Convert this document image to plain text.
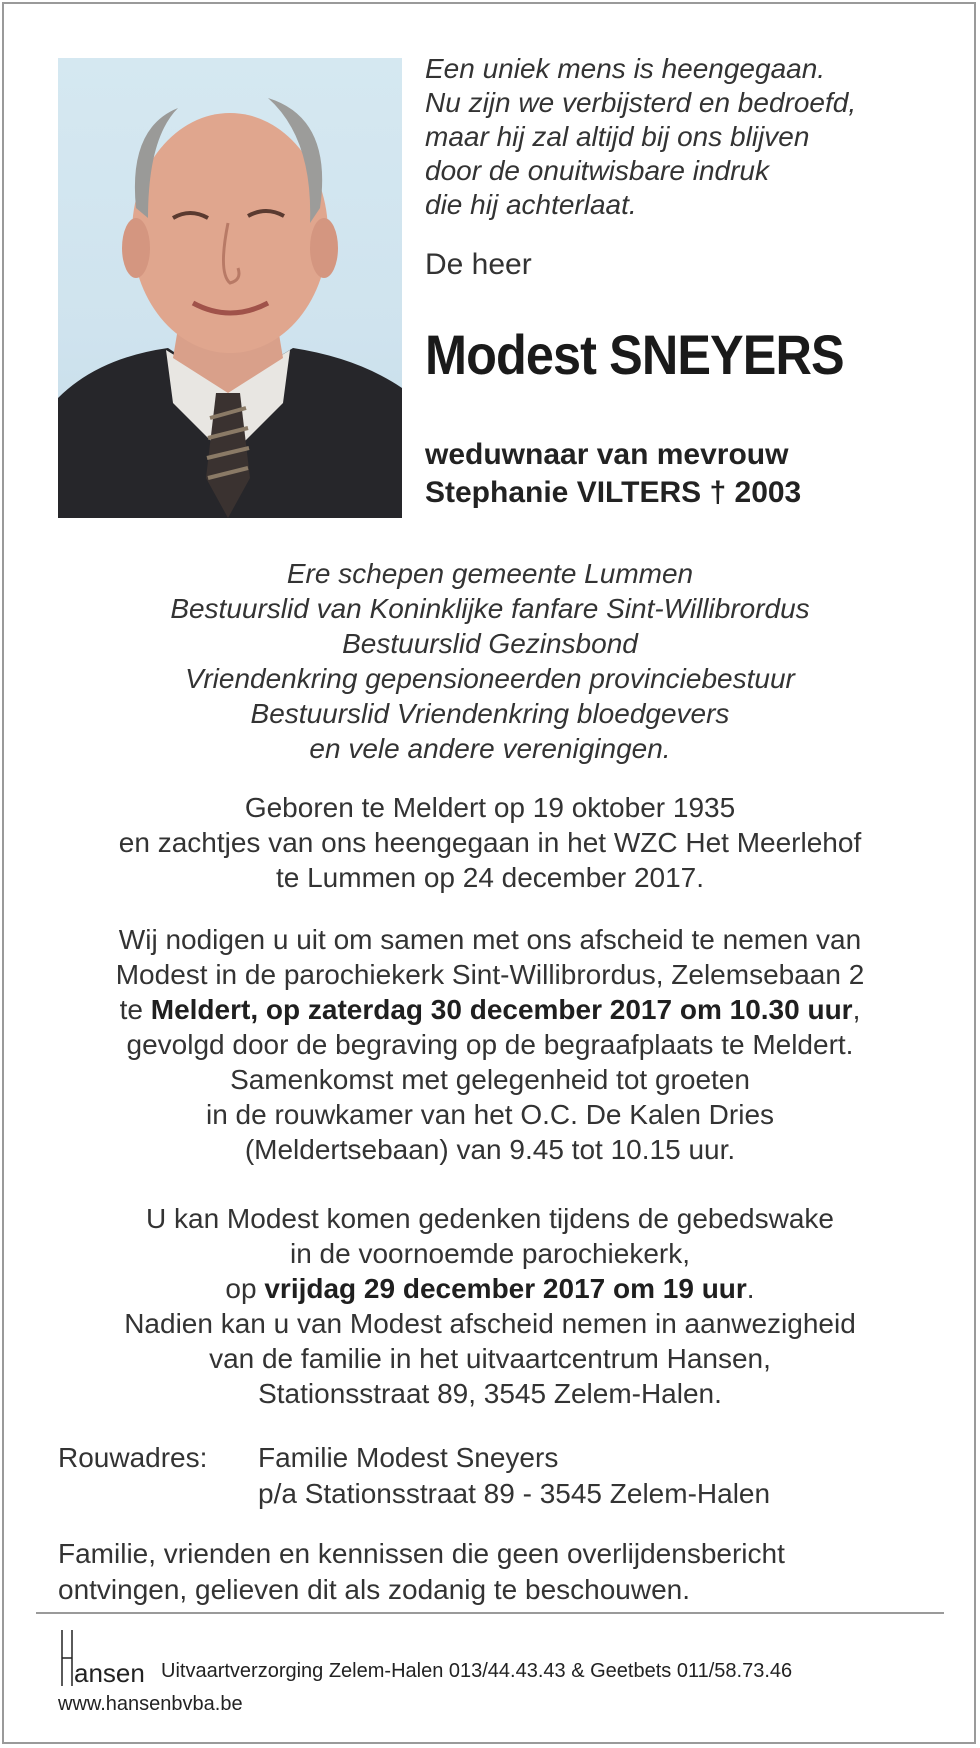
Een uniek mens is heengegaan.
Nu zijn we verbijsterd en bedroefd,
maar hij zal altijd bij ons blijven
door de onuitwisbare indruk
die hij achterlaat.
De heer
Modest SNEYERS
weduwnaar van mevrouw
Stephanie VILTERS † 2003
Ere schepen gemeente Lummen
Bestuurslid van Koninklijke fanfare Sint-Willibrordus
Bestuurslid Gezinsbond
Vriendenkring gepensioneerden provinciebestuur
Bestuurslid Vriendenkring bloedgevers
en vele andere verenigingen.
Geboren te Meldert op 19 oktober 1935
en zachtjes van ons heengegaan in het WZC Het Meerlehof
te Lummen op 24 december 2017.
Wij nodigen u uit om samen met ons afscheid te nemen van
Modest in de parochiekerk Sint-Willibrordus, Zelemsebaan 2
te Meldert, op zaterdag 30 december 2017 om 10.30 uur,
gevolgd door de begraving op de begraafplaats te Meldert.
Samenkomst met gelegenheid tot groeten
in de rouwkamer van het O.C. De Kalen Dries
(Meldertsebaan) van 9.45 tot 10.15 uur.
U kan Modest komen gedenken tijdens de gebedswake
in de voornoemde parochiekerk,
op vrijdag 29 december 2017 om 19 uur.
Nadien kan u van Modest afscheid nemen in aanwezigheid
van de familie in het uitvaartcentrum Hansen,
Stationsstraat 89, 3545 Zelem-Halen.
Rouwadres: Familie Modest Sneyers
p/a Stationsstraat 89 - 3545 Zelem-Halen
Familie, vrienden en kennissen die geen overlijdensbericht
ontvingen, gelieven dit als zodanig te beschouwen.
ansen Uitvaartverzorging Zelem-Halen 013/44.43.43 & Geetbets 011/58.73.46
www.hansenbvba.be
